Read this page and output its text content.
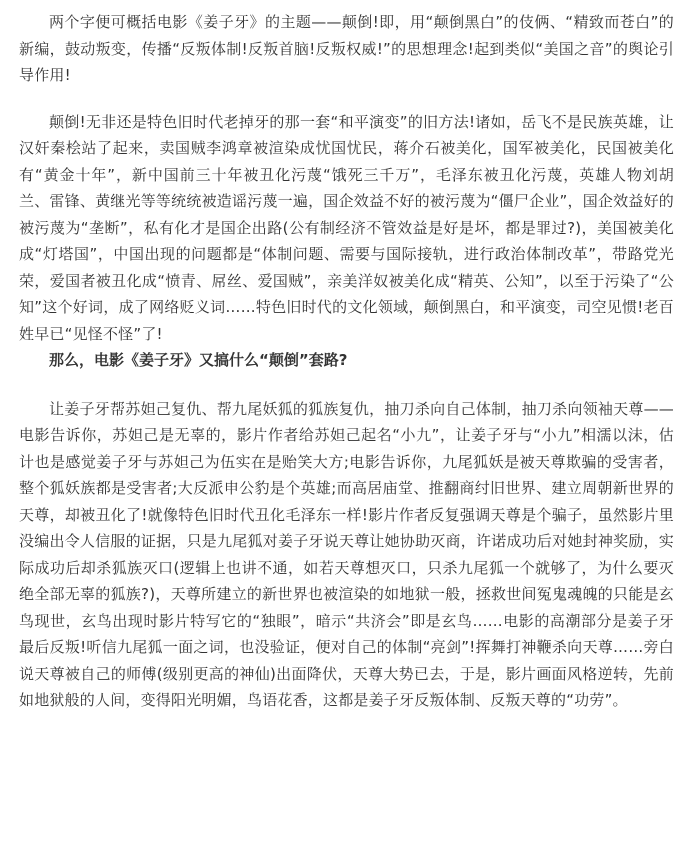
两个字便可概括电影《姜子牙》的主题——颠倒!即，用“颠倒黑白”的伎俩、“精致而苍白”的新编，鼓动叛变，传播“反叛体制!反叛首脑!反叛权威!”的思想理念!起到类似“美国之音”的舆论引导作用!

颠倒!无非还是特色旧时代老掉牙的那一套“和平演变”的旧方法!诸如，岳飞不是民族英雄，让汉奸秦桧站了起来，卖国贼李鸿章被渲染成忧国忧民，蒋介石被美化，国军被美化，民国被美化有“黄金十年”，新中国前三十年被丑化污蔑“饿死三千万”，毛泽东被丑化污蔑，英雄人物刘胡兰、雷锋、黄继光等等统统被造谣污蔑一遍，国企效益不好的被污蔑为“僵尸企业”，国企效益好的被污蔑为“垄断”，私有化才是国企出路(公有制经济不管效益是好是坏，都是罪过?)，美国被美化成“灯塔国”，中国出现的问题都是“体制问题、需要与国际接轨，进行政治体制改革”，带路党光荣，爱国者被丑化成“愤青、屌丝、爱国贼”，亲美洋奴被美化成“精英、公知”，以至于污染了“公知”这个好词，成了网络贬义词……特色旧时代的文化领域，颠倒黑白，和平演变，司空见惯!老百姓早已“见怪不怪”了!

那么，电影《姜子牙》又搞什么“颠倒”套路?

让姜子牙帮苏妲己复仇、帮九尾妖狐的狐族复仇，抽刀杀向自己体制，抽刀杀向领袖天尊——电影告诉你，苏妲己是无辜的，影片作者给苏妲己起名“小九”，让姜子牙与“小九”相濡以沫，估计也是感觉姜子牙与苏妲己为伍实在是贻笑大方;电影告诉你，九尾狐妖是被天尊欺骗的受害者，整个狐妖族都是受害者;大反派申公豹是个英雄;而高居庙堂、推翻商纣旧世界、建立周朝新世界的天尊，却被丑化了!就像特色旧时代丑化毛泽东一样!影片作者反复强调天尊是个骗子，虽然影片里没编出令人信服的证据，只是九尾狐对姜子牙说天尊让她协助灭商，许诺成功后对她封神奖励，实际成功后却杀狐族灭口(逻辑上也讲不通，如若天尊想灭口，只杀九尾狐一个就够了，为什么要灭绝全部无辜的狐族?)，天尊所建立的新世界也被渲染的如地狱一般，拯救世间冤鬼魂魄的只能是玄鸟现世，玄鸟出现时影片特写它的“独眼”，暗示“共济会”即是玄鸟……电影的高潮部分是姜子牙最后反叛!听信九尾狐一面之词，也没验证，便对自己的体制“亮剑”!挥舞打神鞭杀向天尊……旁白说天尊被自己的师傅(级别更高的神仙)出面降伏，天尊大势已去，于是，影片画面风格逆转，先前如地狱般的人间，变得阳光明媚，鸟语花香，这都是姜子牙反叛体制、反叛天尊的“功劳”。
